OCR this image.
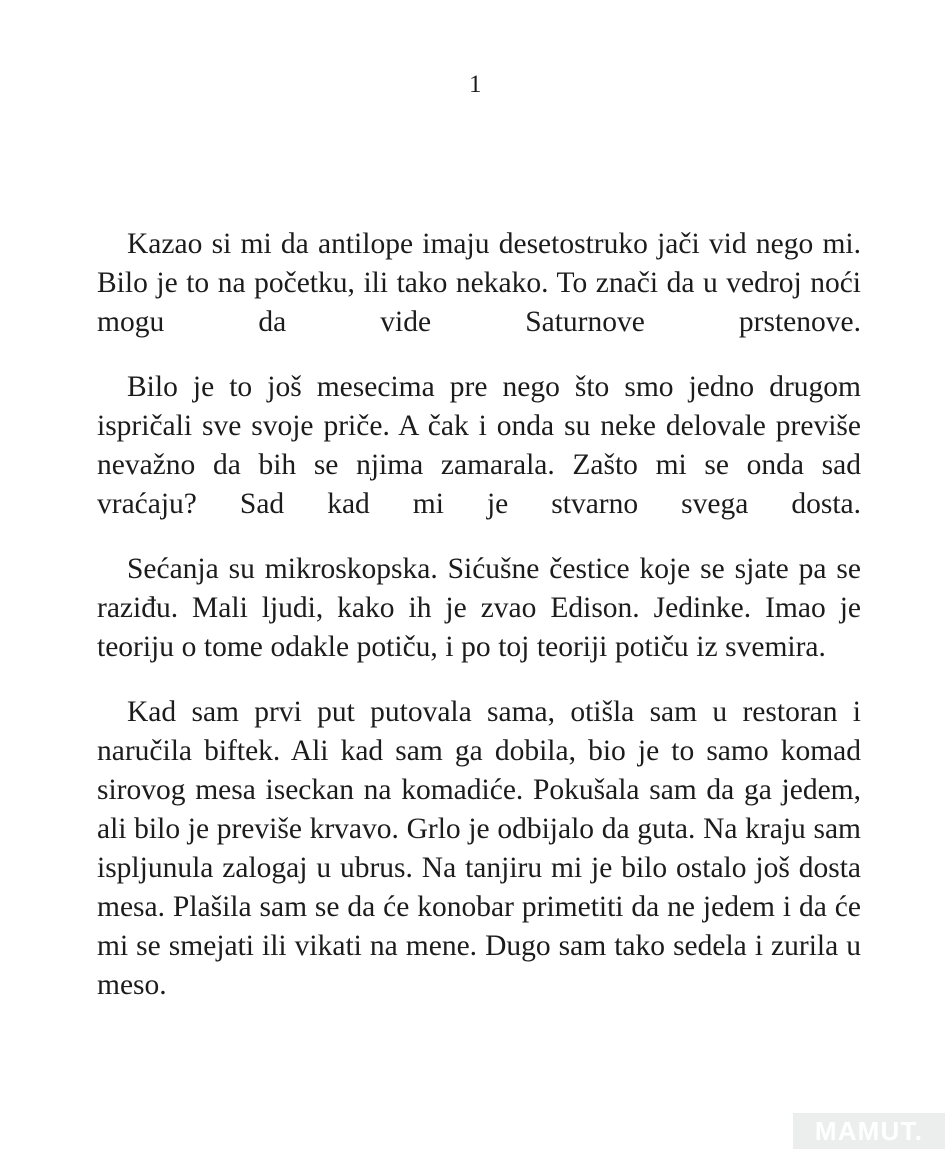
1

Kazao si mi da antilope imaju desetostruko jači vid nego mi. Bilo je to na početku, ili tako nekako. To znači da u vedroj noći mogu da vide Saturnove prstenove.

Bilo je to još mesecima pre nego što smo jedno drugom ispričali sve svoje priče. A čak i onda su neke delovale previše nevažno da bih se njima zamarala. Zašto mi se onda sad vraćaju? Sad kad mi je stvarno svega dosta.

Sećanja su mikroskopska. Sićušne čestice koje se sjate pa se raziđu. Mali ljudi, kako ih je zvao Edison. Jedinke. Imao je teoriju o tome odakle potiču, i po toj teoriji potiču iz svemira.

Kad sam prvi put putovala sama, otišla sam u restoran i naručila biftek. Ali kad sam ga dobila, bio je to samo komad sirovog mesa iseckan na komadiće. Pokušala sam da ga jedem, ali bilo je previše krvavo. Grlo je odbijalo da guta. Na kraju sam ispljunula zalogaj u ubrus. Na tanjiru mi je bilo ostalo još dosta mesa. Plašila sam se da će konobar primetiti da ne jedem i da će mi se smejati ili vikati na mene. Dugo sam tako sedela i zurila u meso.

MAMUT.
